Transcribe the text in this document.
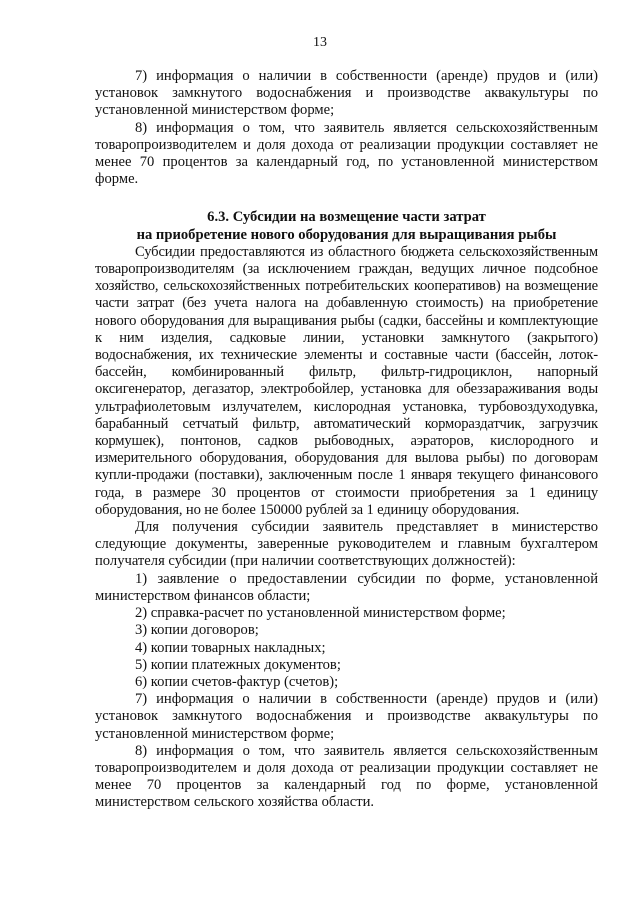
13

7) информация о наличии в собственности (аренде) прудов и (или) установок замкнутого водоснабжения и производстве аквакультуры по установленной министерством форме;

8) информация о том, что заявитель является сельскохозяйственным товаропроизводителем и доля дохода от реализации продукции составляет не менее 70 процентов за календарный год, по установленной министерством форме.

6.3. Субсидии на возмещение части затрат
на приобретение нового оборудования для выращивания рыбы

Субсидии предоставляются из областного бюджета сельскохозяйственным товаропроизводителям (за исключением граждан, ведущих личное подсобное хозяйство, сельскохозяйственных потребительских кооперативов) на возмещение части затрат (без учета налога на добавленную стоимость) на приобретение нового оборудования для выращивания рыбы (садки, бассейны и комплектующие к ним изделия, садковые линии, установки замкнутого (закрытого) водоснабжения, их технические элементы и составные части (бассейн, лоток-бассейн, комбинированный фильтр, фильтр-гидроциклон, напорный оксигенератор, дегазатор, электробойлер, установка для обеззараживания воды ультрафиолетовым излучателем, кислородная установка, турбовоздуходувка, барабанный сетчатый фильтр, автоматический кормораздатчик, загрузчик кормушек), понтонов, садков рыбоводных, аэраторов, кислородного и измерительного оборудования, оборудования для вылова рыбы) по договорам купли-продажи (поставки), заключенным после 1 января текущего финансового года, в размере 30 процентов от стоимости приобретения за 1 единицу оборудования, но не более 150000 рублей за 1 единицу оборудования.

Для получения субсидии заявитель представляет в министерство следующие документы, заверенные руководителем и главным бухгалтером получателя субсидии (при наличии соответствующих должностей):

1) заявление о предоставлении субсидии по форме, установленной министерством финансов области;

2) справка-расчет по установленной министерством форме;

3) копии договоров;

4) копии товарных накладных;

5) копии платежных документов;

6) копии счетов-фактур (счетов);

7) информация о наличии в собственности (аренде) прудов и (или) установок замкнутого водоснабжения и производстве аквакультуры по установленной министерством форме;

8) информация о том, что заявитель является сельскохозяйственным товаропроизводителем и доля дохода от реализации продукции составляет не менее 70 процентов за календарный год по форме, установленной министерством сельского хозяйства области.
